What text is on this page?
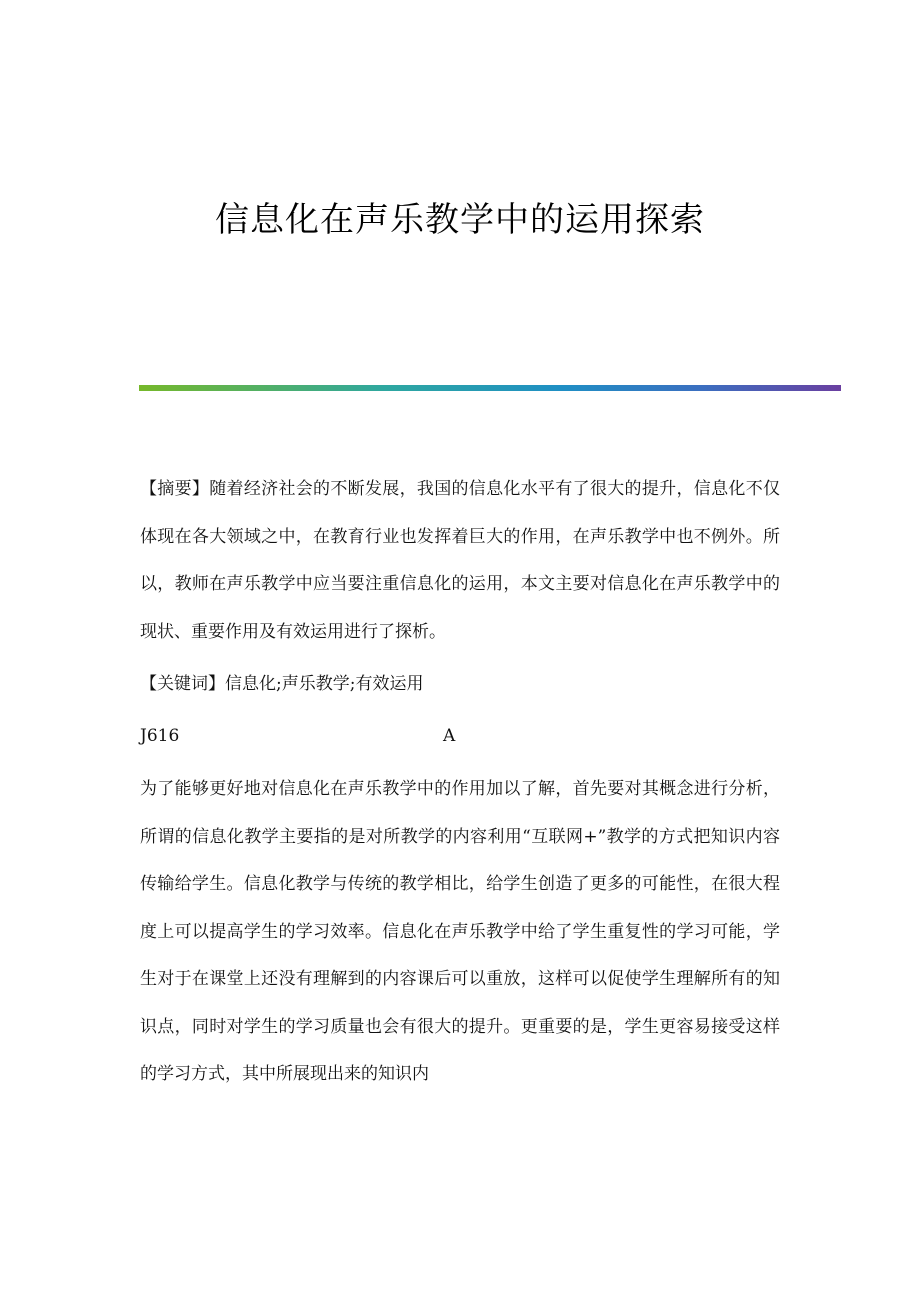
信息化在声乐教学中的运用探索

【摘要】随着经济社会的不断发展，我国的信息化水平有了很大的提升，信息化不仅体现在各大领域之中，在教育行业也发挥着巨大的作用，在声乐教学中也不例外。所以，教师在声乐教学中应当要注重信息化的运用，本文主要对信息化在声乐教学中的现状、重要作用及有效运用进行了探析。

【关键词】信息化;声乐教学;有效运用

J616	A

为了能够更好地对信息化在声乐教学中的作用加以了解，首先要对其概念进行分析，所谓的信息化教学主要指的是对所教学的内容利用“互联网+”教学的方式把知识内容传输给学生。信息化教学与传统的教学相比，给学生创造了更多的可能性，在很大程度上可以提高学生的学习效率。信息化在声乐教学中给了学生重复性的学习可能，学生对于在课堂上还没有理解到的内容课后可以重放，这样可以促使学生理解所有的知识点，同时对学生的学习质量也会有很大的提升。更重要的是，学生更容易接受这样的学习方式，其中所展现出来的知识内
